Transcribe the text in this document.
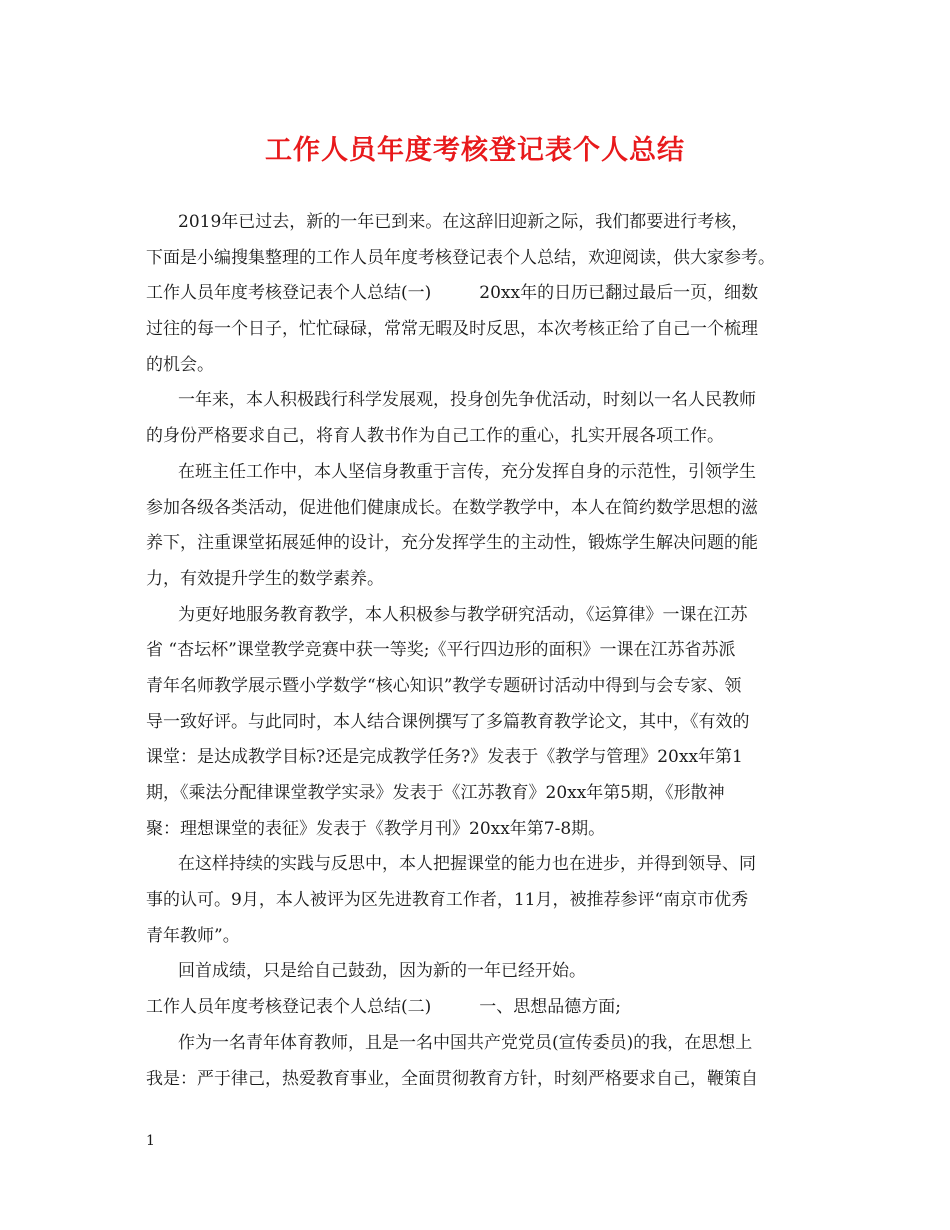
工作人员年度考核登记表个人总结
2019年已过去，新的一年已到来。在这辞旧迎新之际，我们都要进行考核，
下面是小编搜集整理的工作人员年度考核登记表个人总结，欢迎阅读，供大家参考。
工作人员年度考核登记表个人总结(一)	20xx年的日历已翻过最后一页，细数
过往的每一个日子，忙忙碌碌，常常无暇及时反思，本次考核正给了自己一个梳理
的机会。
一年来，本人积极践行科学发展观，投身创先争优活动，时刻以一名人民教师
的身份严格要求自己，将育人教书作为自己工作的重心，扎实开展各项工作。
在班主任工作中，本人坚信身教重于言传，充分发挥自身的示范性，引领学生
参加各级各类活动，促进他们健康成长。在数学教学中，本人在简约数学思想的滋
养下，注重课堂拓展延伸的设计，充分发挥学生的主动性，锻炼学生解决问题的能
力，有效提升学生的数学素养。
为更好地服务教育教学，本人积极参与教学研究活动，《运算律》一课在江苏
省 “杏坛杯”课堂教学竞赛中获一等奖;《平行四边形的面积》一课在江苏省苏派
青年名师教学展示暨小学数学“核心知识”教学专题研讨活动中得到与会专家、领
导一致好评。与此同时，本人结合课例撰写了多篇教育教学论文，其中，《有效的
课堂：是达成教学目标?还是完成教学任务?》发表于《教学与管理》20xx年第1
期，《乘法分配律课堂教学实录》发表于《江苏教育》20xx年第5期，《形散神
聚：理想课堂的表征》发表于《教学月刊》20xx年第7-8期。
在这样持续的实践与反思中，本人把握课堂的能力也在进步，并得到领导、同
事的认可。9月，本人被评为区先进教育工作者，11月，被推荐参评“南京市优秀
青年教师”。
回首成绩，只是给自己鼓劲，因为新的一年已经开始。
工作人员年度考核登记表个人总结(二)	一、思想品德方面;
作为一名青年体育教师，且是一名中国共产党党员(宣传委员)的我，在思想上
我是：严于律己，热爱教育事业，全面贯彻教育方针，时刻严格要求自己，鞭策自
1
